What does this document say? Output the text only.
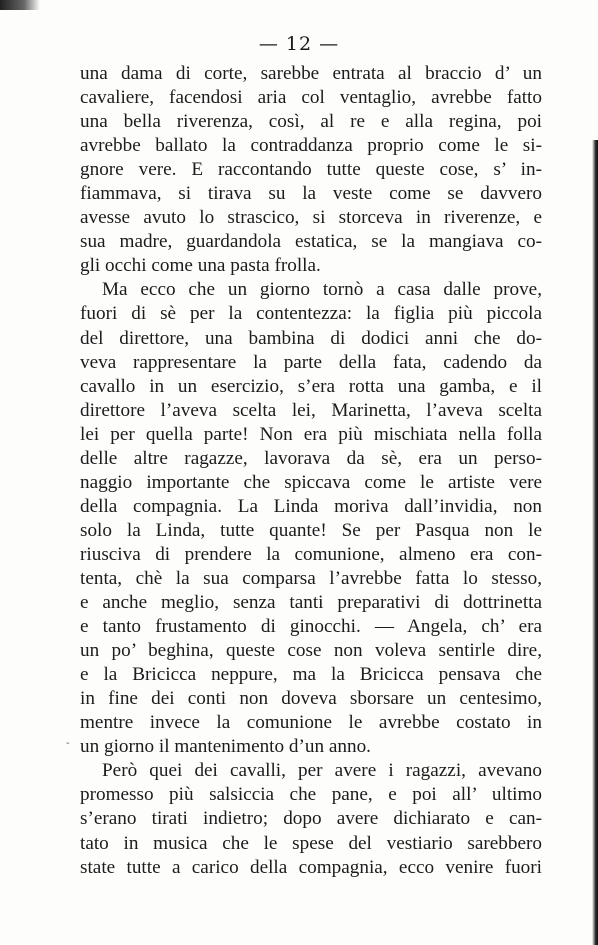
— 12 —
una dama di corte, sarebbe entrata al braccio d’ un
cavaliere, facendosi aria col ventaglio, avrebbe fatto
una bella riverenza, così, al re e alla regina, poi
avrebbe ballato la contraddanza proprio come le si-
gnore vere. E raccontando tutte queste cose, s’ in-
fiammava, si tirava su la veste come se davvero
avesse avuto lo strascico, si storceva in riverenze, e
sua madre, guardandola estatica, se la mangiava co-
gli occhi come una pasta frolla.
Ma ecco che un giorno tornò a casa dalle prove,
fuori di sè per la contentezza: la figlia più piccola
del direttore, una bambina di dodici anni che do-
veva rappresentare la parte della fata, cadendo da
cavallo in un esercizio, s’era rotta una gamba, e il
direttore l’aveva scelta lei, Marinetta, l’aveva scelta
lei per quella parte! Non era più mischiata nella folla
delle altre ragazze, lavorava da sè, era un perso-
naggio importante che spiccava come le artiste vere
della compagnia. La Linda moriva dall’invidia, non
solo la Linda, tutte quante! Se per Pasqua non le
riusciva di prendere la comunione, almeno era con-
tenta, chè la sua comparsa l’avrebbe fatta lo stesso,
e anche meglio, senza tanti preparativi di dottrinetta
e tanto frustamento di ginocchi. — Angela, ch’ era
un po’ beghina, queste cose non voleva sentirle dire,
e la Bricicca neppure, ma la Bricicca pensava che
in fine dei conti non doveva sborsare un centesimo,
mentre invece la comunione le avrebbe costato in
un giorno il mantenimento d’un anno.
Però quei dei cavalli, per avere i ragazzi, avevano
promesso più salsiccia che pane, e poi all’ ultimo
s’erano tirati indietro; dopo avere dichiarato e can-
tato in musica che le spese del vestiario sarebbero
state tutte a carico della compagnia, ecco venire fuori
-
